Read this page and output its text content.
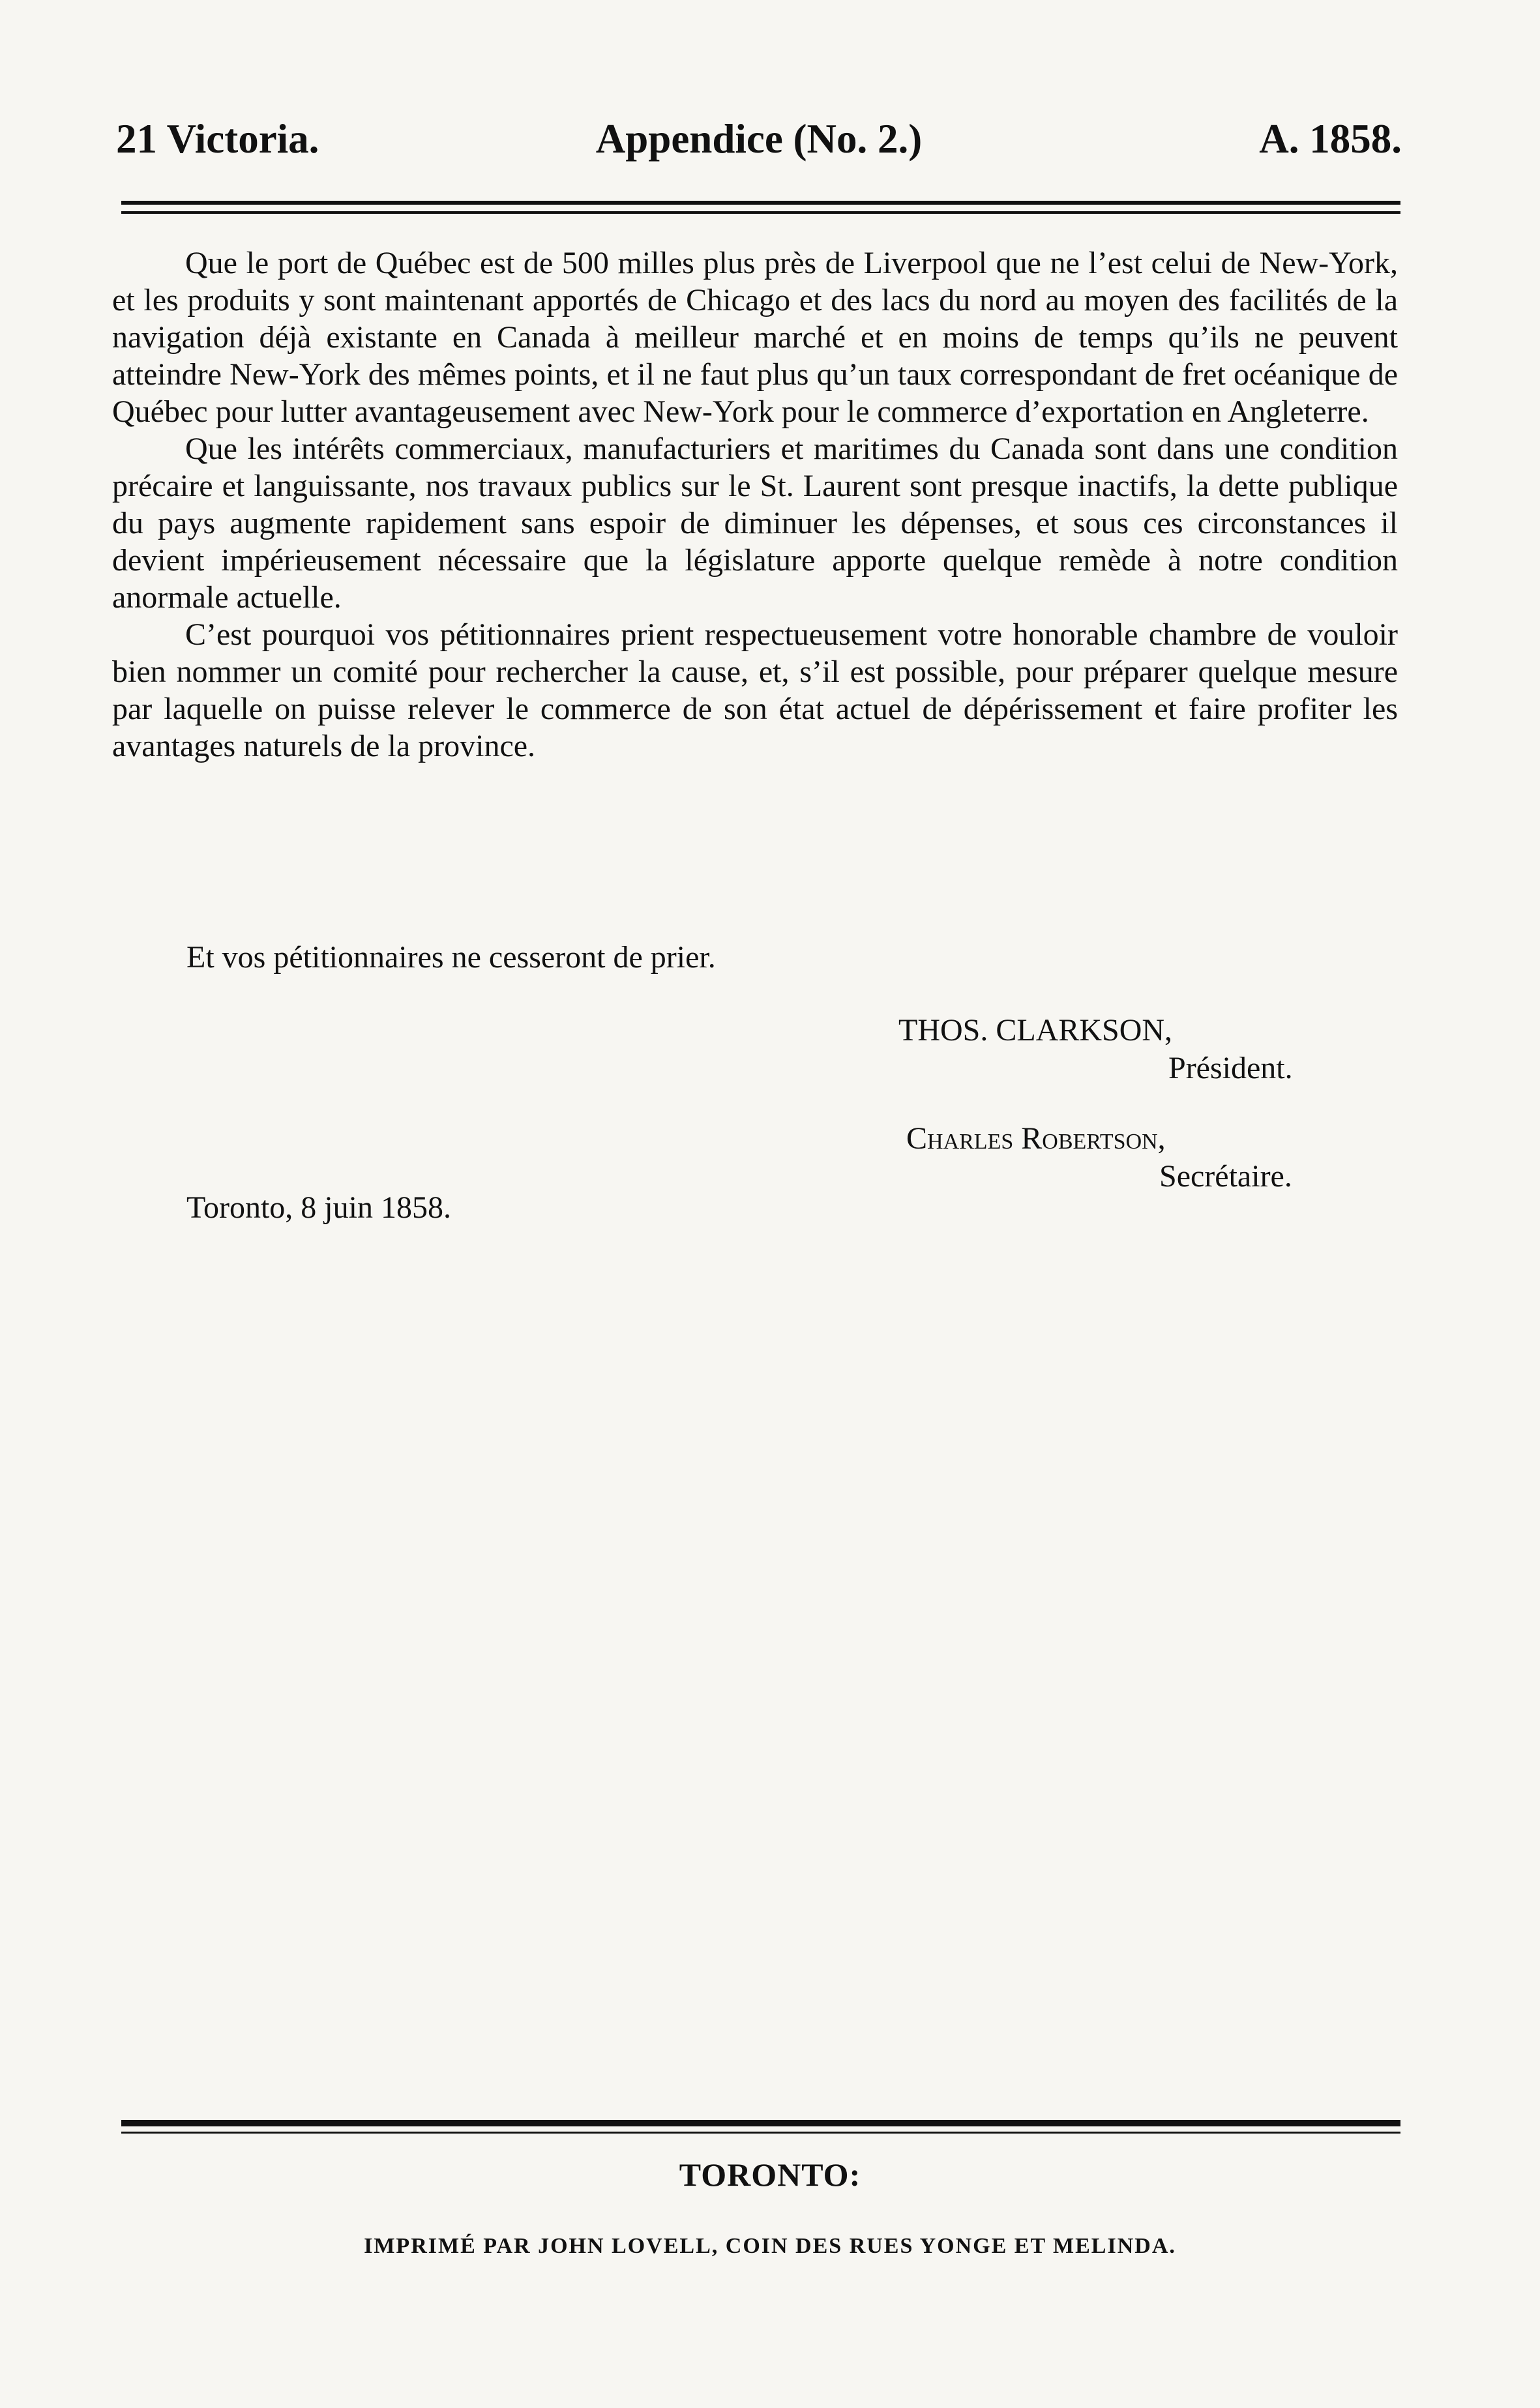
21 Victoria.	Appendice (No. 2.)	A. 1858.

Que le port de Québec est de 500 milles plus près de Liverpool que ne l’est celui de New-York, et les produits y sont maintenant apportés de Chicago et des lacs du nord au moyen des facilités de la navigation déjà existante en Canada à meilleur marché et en moins de temps qu’ils ne peuvent atteindre New-York des mêmes points, et il ne faut plus qu’un taux correspondant de fret océanique de Québec pour lutter avantageusement avec New-York pour le commerce d’exportation en Angleterre.

Que les intérêts commerciaux, manufacturiers et maritimes du Canada sont dans une condition précaire et languissante, nos travaux publics sur le St. Laurent sont presque inactifs, la dette publique du pays augmente rapidement sans espoir de diminuer les dépenses, et sous ces circonstances il devient impérieusement nécessaire que la législature apporte quelque remède à notre condition anormale actuelle.

C’est pourquoi vos pétitionnaires prient respectueusement votre honorable chambre de vouloir bien nommer un comité pour rechercher la cause, et, s’il est possible, pour préparer quelque mesure par laquelle on puisse relever le commerce de son état actuel de dépérissement et faire profiter les avantages naturels de la province.

Et vos pétitionnaires ne cesseront de prier.
THOS. CLARKSON,
Président.
Charles Robertson,
Secrétaire.
Toronto, 8 juin 1858.
TORONTO:
IMPRIMÉ PAR JOHN LOVELL, COIN DES RUES YONGE ET MELINDA.
